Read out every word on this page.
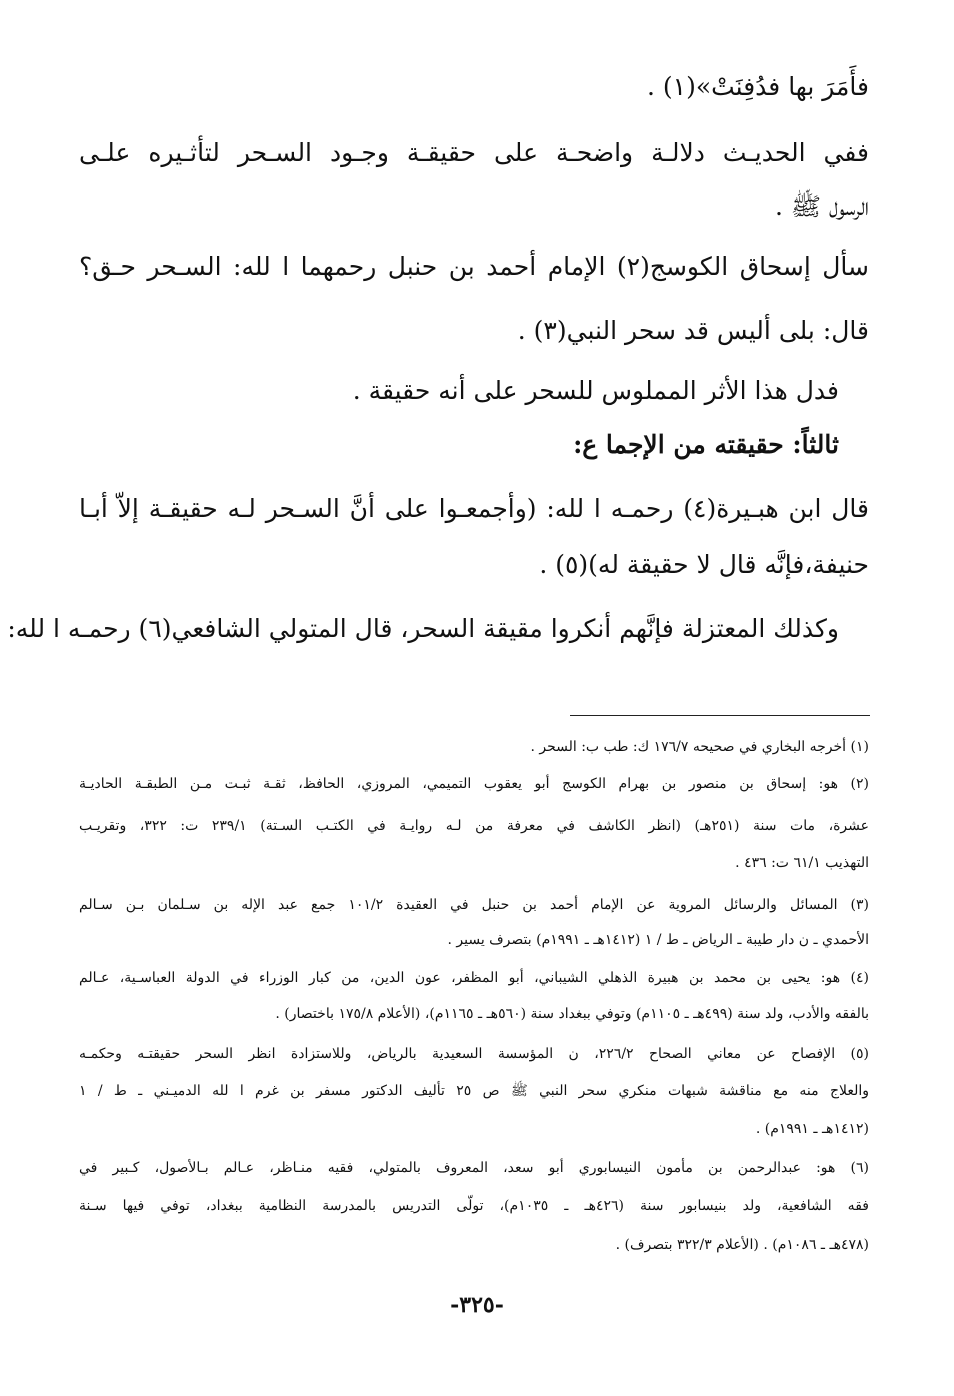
فأَمَرَ بها فدُفِنَتْ»(١) .
ففي الحديـث دلالـة واضحـة على حقيقـة وجـود السـحر لتأثـيره علـى
الرسول ﷺ .
سأل إسحاق الكوسج(٢) الإمام أحمد بن حنبل رحمهما ا لله: السـحر حـق؟
قال: بلى أليس قد سحر النبي(٣) .
فدل هذا الأثر المملوس للسحر على أنه حقيقة .
ثالثاً: حقيقته من الإجما ع:
قال ابن هبـيرة(٤) رحمـه ا لله: (وأجمعـوا على أنَّ السـحر لـه حقيقـة إلاّ أبـا
حنيفة،فإنَّه قال لا حقيقة له)(٥) .
وكذلك المعتزلة فإنَّهم أنكروا مقيقة السحر، قال المتولي الشافعي(٦) رحمـه ا لله:
(١) أخرجه البخاري في صحيحه ١٧٦/٧ ك: طب ب: السحر .
(٢) هو: إسحاق بن منصور بن بهرام الكوسج أبو يعقوب التميمي، المروزي، الحافظ، ثقـة ثبـت مـن الطبقـة الحاديـة
عشرة، مات سنة (٢٥١هـ) (انظر الكاشف في معرفة من لـه روايـة في الكتـب السـتة) ٢٣٩/١ ت: ٣٢٢، وتقريـب
التهذيب ٦١/١ ت: ٤٣٦ .
(٣) المسائل والرسائل المروية عن الإمام أحمد بن حنبل في العقيدة ١٠١/٢ جمع عبد الإله بن سـلمان بـن سـالم
الأحمدي ـ ن دار طيبة ـ الرياض ـ ط / ١ (١٤١٢هـ ـ ١٩٩١م) بتصرف يسير .
(٤) هو: يحيى بن محمد بن هبيرة الذهلي الشيباني، أبو المظفر، عون الدين، من كبار الوزراء في الدولة العباسـية، عـالم
بالفقه والأدب، ولد سنة (٤٩٩هـ ـ ١١٠٥م) وتوفي ببغداد سنة (٥٦٠هـ ـ ١١٦٥م)، (الأعلام ١٧٥/٨ باختصار) .
(٥) الإفصاح عن معاني الصحاح ٢٢٦/٢، ن المؤسسة السعيدية بالرياض، وللاستزادة انظر السحر حقيقتـه وحكمـه
والعلاج منه مع مناقشة شبهات منكري سحر النبي ﷺ ص ٢٥ تأليف الدكتور مسفر بن غرم ا لله الدميـني ـ ط / ١
(١٤١٢هـ ـ ١٩٩١م) .
(٦) هو: عبدالرحمن بن مأمون النيسابوري أبو سعد، المعروف بالمتولي، فقيه منـاظر، عـالم بـالأصول، كـبير في
فقه الشافعية، ولد بنيسابور سنة (٤٢٦هـ ـ ١٠٣٥م)، تولّى التدريس بالمدرسة النظامية ببغداد، توفي فيها سـنة
(٤٧٨هـ ـ ١٠٨٦م) . (الأعلام ٣٢٢/٣ بتصرف) .
-٣٢٥-
